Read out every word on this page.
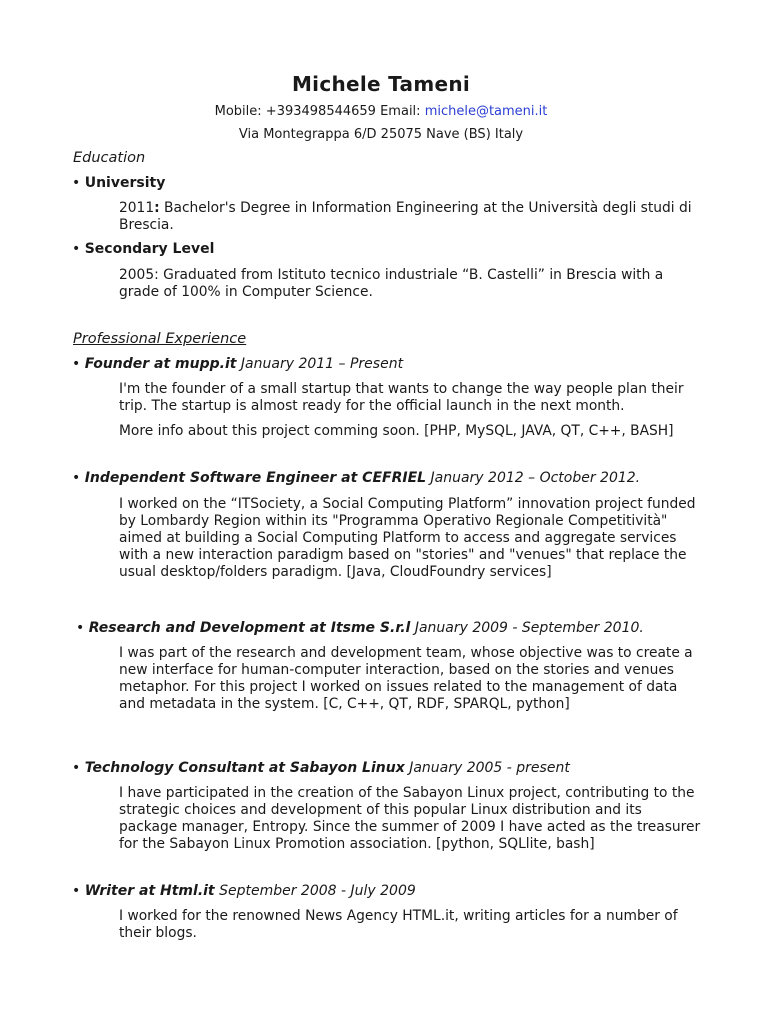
Michele Tameni
Mobile: +393498544659 Email: michele@tameni.it
Via Montegrappa 6/D 25075 Nave (BS) Italy
Education
• University

2011: Bachelor's Degree in Information Engineering at the Università degli studi di Brescia.

• Secondary Level

2005: Graduated from Istituto tecnico industriale “B. Castelli” in Brescia with a grade of 100% in Computer Science.

Professional Experience
• Founder at mupp.it January 2011 – Present

I'm the founder of a small startup that wants to change the way people plan their trip. The startup is almost ready for the official launch in the next month.

More info about this project comming soon. [PHP, MySQL, JAVA, QT, C++, BASH]

• Independent Software Engineer at CEFRIEL January 2012 – October 2012.

I worked on the “ITSociety, a Social Computing Platform” innovation project funded by Lombardy Region within its "Programma Operativo Regionale Competitività" aimed at building a Social Computing Platform to access and aggregate services with a new interaction paradigm based on "stories" and "venues" that replace the usual desktop/folders paradigm. [Java, CloudFoundry services]

• Research and Development at Itsme S.r.l January 2009 - September 2010.

I was part of the research and development team, whose objective was to create a new interface for human-computer interaction, based on the stories and venues metaphor. For this project I worked on issues related to the management of data and metadata in the system. [C, C++, QT, RDF, SPARQL, python]

• Technology Consultant at Sabayon Linux January 2005 - present

I have participated in the creation of the Sabayon Linux project, contributing to the strategic choices and development of this popular Linux distribution and its package manager, Entropy. Since the summer of 2009 I have acted as the treasurer for the Sabayon Linux Promotion association. [python, SQLlite, bash]

• Writer at Html.it September 2008 - July 2009

I worked for the renowned News Agency HTML.it, writing articles for a number of their blogs.
